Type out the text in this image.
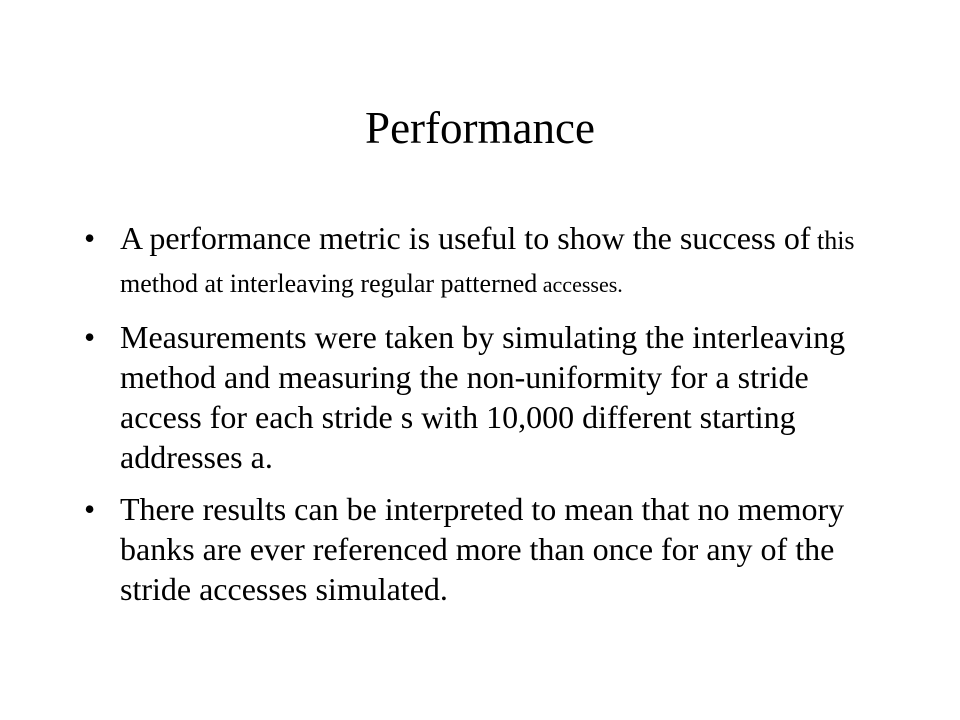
Performance
• A performance metric is useful to show the success of this method at interleaving regular patterned accesses.
• Measurements were taken by simulating the interleaving method and measuring the non-uniformity for a stride access for each stride s with 10,000 different starting addresses a.
• There results can be interpreted to mean that no memory banks are ever referenced more than once for any of the stride accesses simulated.
